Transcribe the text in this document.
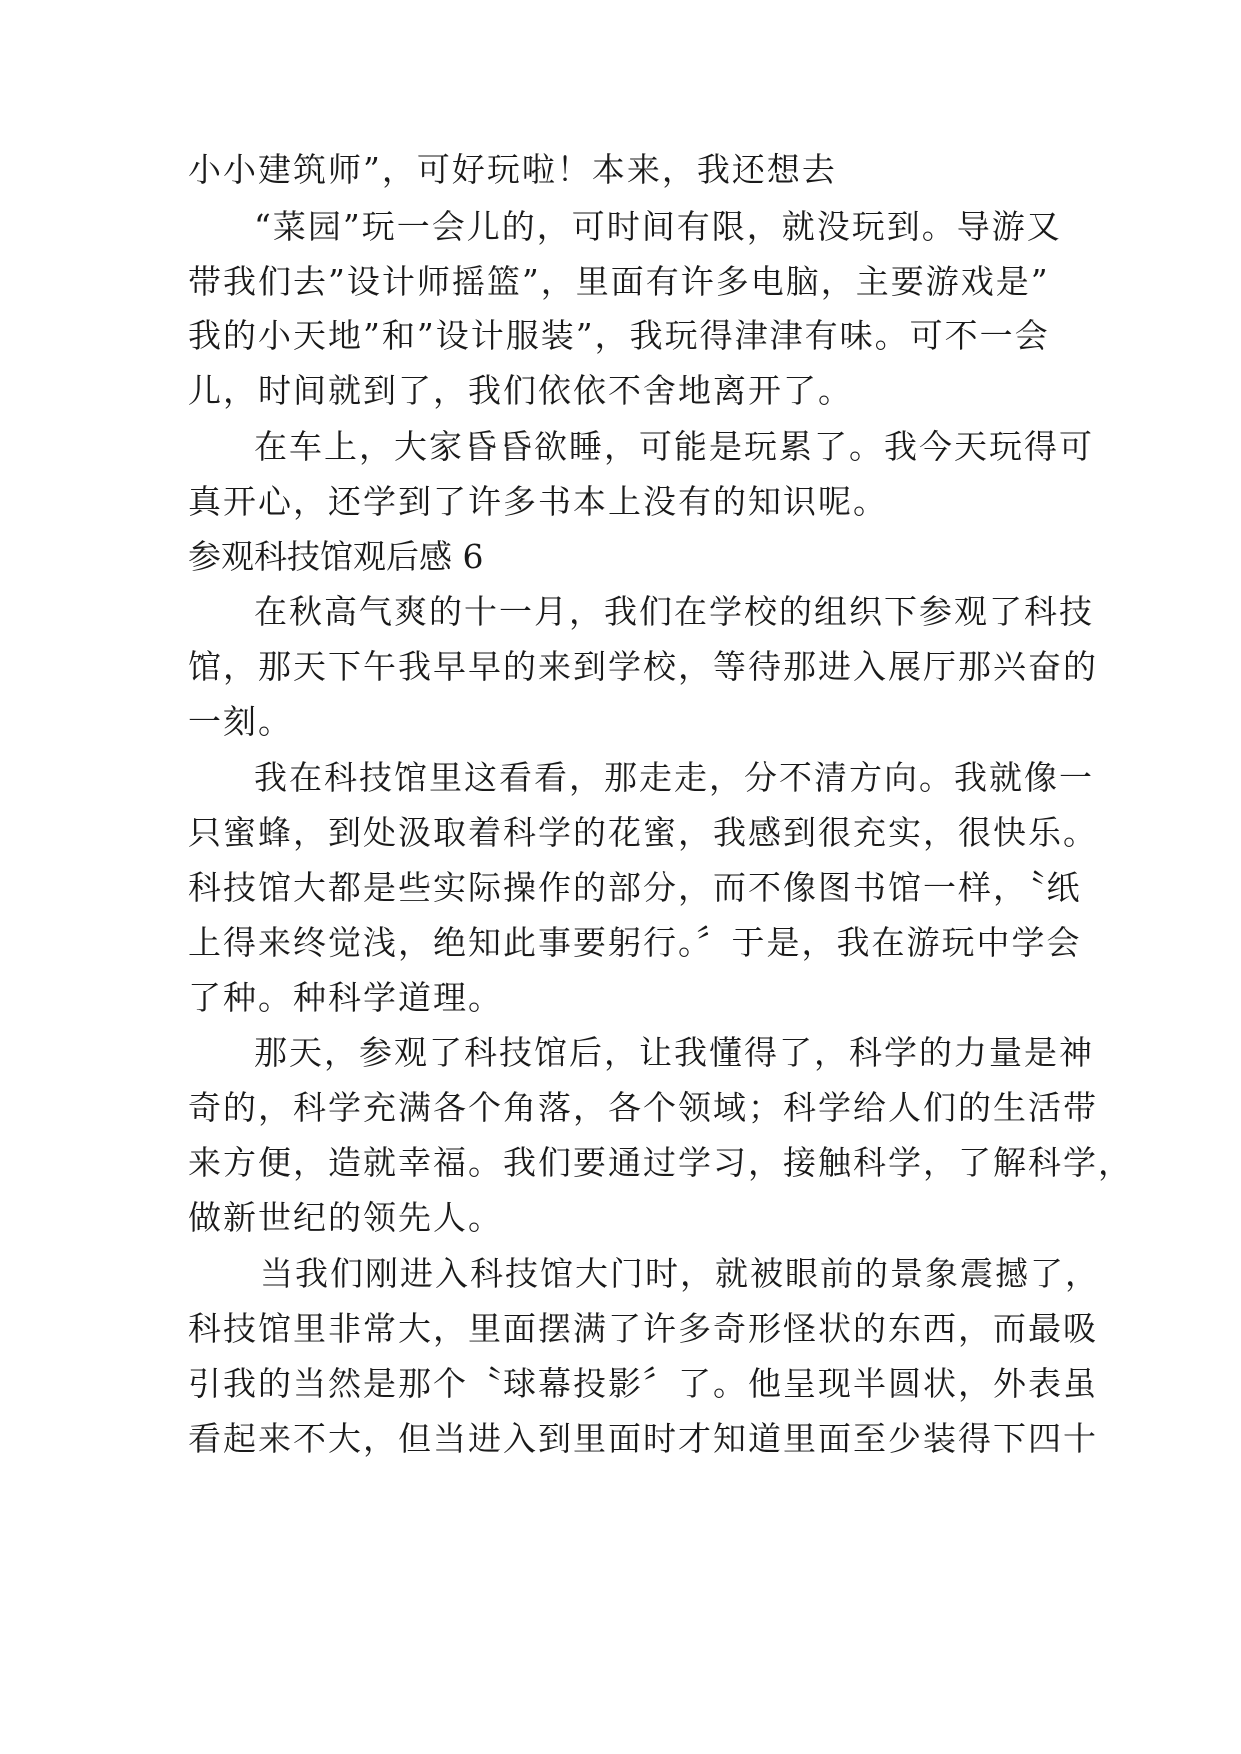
小小建筑师”，可好玩啦！本来，我还想去
“菜园”玩一会儿的，可时间有限，就没玩到。导游又
带我们去”设计师摇篮”，里面有许多电脑，主要游戏是”
我的小天地”和”设计服装”，我玩得津津有味。可不一会
儿，时间就到了，我们依依不舍地离开了。
在车上，大家昏昏欲睡，可能是玩累了。我今天玩得可
真开心，还学到了许多书本上没有的知识呢。
参观科技馆观后感 6
在秋高气爽的十一月，我们在学校的组织下参观了科技
馆，那天下午我早早的来到学校，等待那进入展厅那兴奋的
一刻。
我在科技馆里这看看，那走走，分不清方向。我就像一
只蜜蜂，到处汲取着科学的花蜜，我感到很充实，很快乐。
科技馆大都是些实际操作的部分，而不像图书馆一样，〝纸
上得来终觉浅，绝知此事要躬行。〞于是，我在游玩中学会
了种。种科学道理。
那天，参观了科技馆后，让我懂得了，科学的力量是神
奇的，科学充满各个角落，各个领域；科学给人们的生活带
来方便，造就幸福。我们要通过学习，接触科学，了解科学，
做新世纪的领先人。
当我们刚进入科技馆大门时，就被眼前的景象震撼了，
科技馆里非常大，里面摆满了许多奇形怪状的东西，而最吸
引我的当然是那个〝球幕投影〞了。他呈现半圆状，外表虽
看起来不大，但当进入到里面时才知道里面至少装得下四十
